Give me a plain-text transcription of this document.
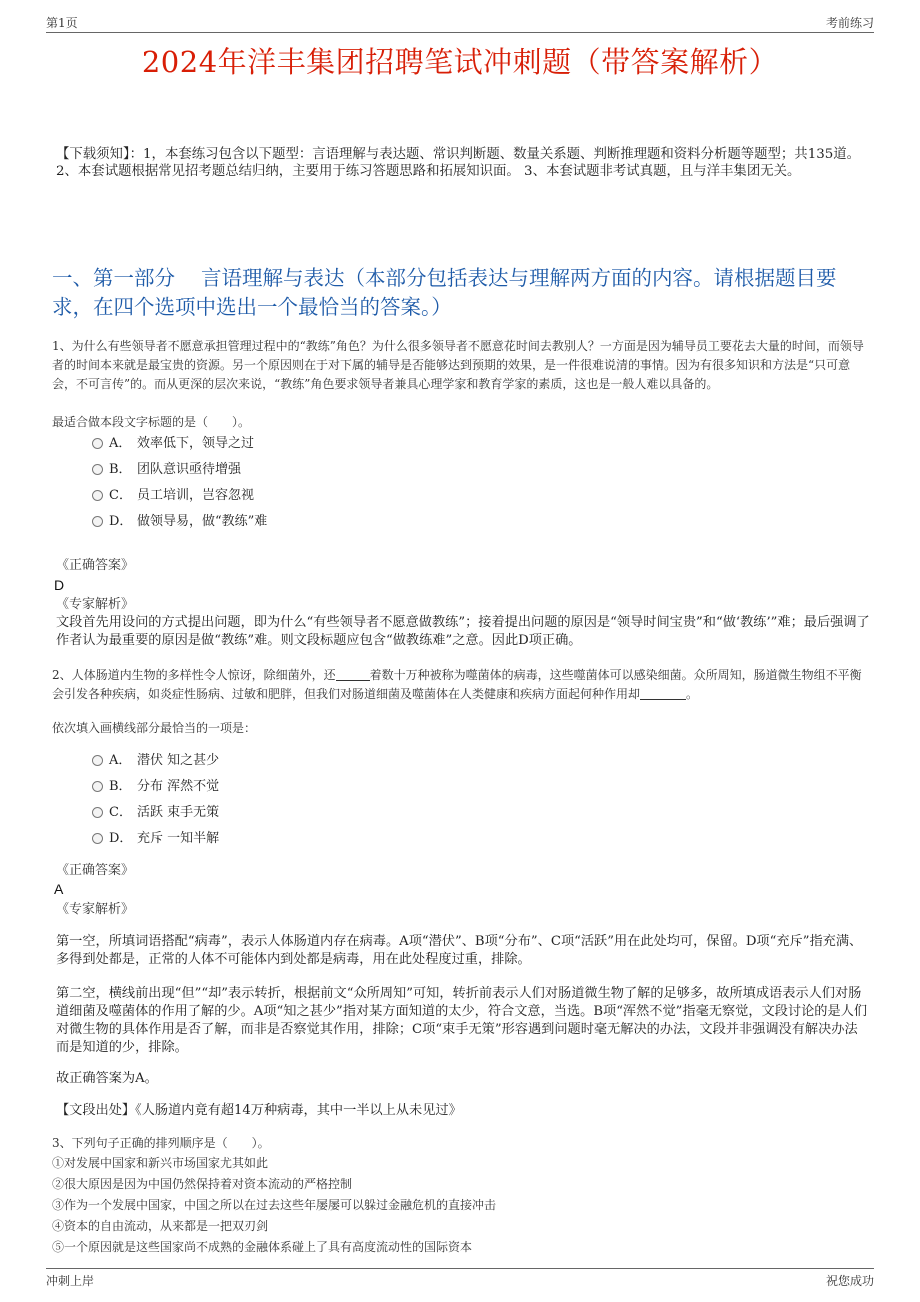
第1页	考前练习
2024年洋丰集团招聘笔试冲刺题（带答案解析）
【下载须知】：1，本套练习包含以下题型：言语理解与表达题、常识判断题、数量关系题、判断推理题和资料分析题等题型；共135道。 2、本套试题根据常见招考题总结归纳，主要用于练习答题思路和拓展知识面。 3、本套试题非考试真题，且与洋丰集团无关。
一、第一部分 言语理解与表达（本部分包括表达与理解两方面的内容。请根据题目要求，在四个选项中选出一个最恰当的答案。）
1、为什么有些领导者不愿意承担管理过程中的“教练”角色？为什么很多领导者不愿意花时间去教别人？一方面是因为辅导员工要花去大量的时间，而领导者的时间本来就是最宝贵的资源。另一个原因则在于对下属的辅导是否能够达到预期的效果，是一件很难说清的事情。因为有很多知识和方法是“只可意会，不可言传”的。而从更深的层次来说，“教练”角色要求领导者兼具心理学家和教育学家的素质，这也是一般人难以具备的。
最适合做本段文字标题的是（　　）。
A． 效率低下，领导之过
B． 团队意识亟待增强
C． 员工培训，岂容忽视
D． 做领导易，做“教练”难
《正确答案》
D
《专家解析》
文段首先用设问的方式提出问题，即为什么“有些领导者不愿意做教练”；接着提出问题的原因是“领导时间宝贵”和“做‘教练’”难；最后强调了作者认为最重要的原因是做“教练”难。则文段标题应包含“做教练难”之意。因此D项正确。
2、人体肠道内生物的多样性令人惊讶，除细菌外，还	着数十万种被称为噬菌体的病毒，这些噬菌体可以感染细菌。众所周知，肠道微生物组不平衡会引发各种疾病，如炎症性肠病、过敏和肥胖，但我们对肠道细菌及噬菌体在人类健康和疾病方面起何种作用却	。
依次填入画横线部分最恰当的一项是：
A． 潜伏 知之甚少
B． 分布 浑然不觉
C． 活跃 束手无策
D． 充斥 一知半解
《正确答案》
A
《专家解析》
第一空，所填词语搭配“病毒”，表示人体肠道内存在病毒。A项“潜伏”、B项“分布”、C项“活跃”用在此处均可，保留。D项“充斥”指充满、多得到处都是，正常的人体不可能体内到处都是病毒，用在此处程度过重，排除。
第二空，横线前出现“但”“却”表示转折，根据前文“众所周知”可知，转折前表示人们对肠道微生物了解的足够多，故所填成语表示人们对肠道细菌及噬菌体的作用了解的少。A项“知之甚少”指对某方面知道的太少，符合文意，当选。B项“浑然不觉”指毫无察觉，文段讨论的是人们对微生物的具体作用是否了解，而非是否察觉其作用，排除；C项“束手无策”形容遇到问题时毫无解决的办法，文段并非强调没有解决办法而是知道的少，排除。
故正确答案为A。
【文段出处】《人肠道内竟有超14万种病毒，其中一半以上从未见过》
3、下列句子正确的排列顺序是（　　）。
①对发展中国家和新兴市场国家尤其如此
②很大原因是因为中国仍然保持着对资本流动的严格控制
③作为一个发展中国家，中国之所以在过去这些年屡屡可以躲过金融危机的直接冲击
④资本的自由流动，从来都是一把双刃剑
⑤一个原因就是这些国家尚不成熟的金融体系碰上了具有高度流动性的国际资本
冲刺上岸	祝您成功
